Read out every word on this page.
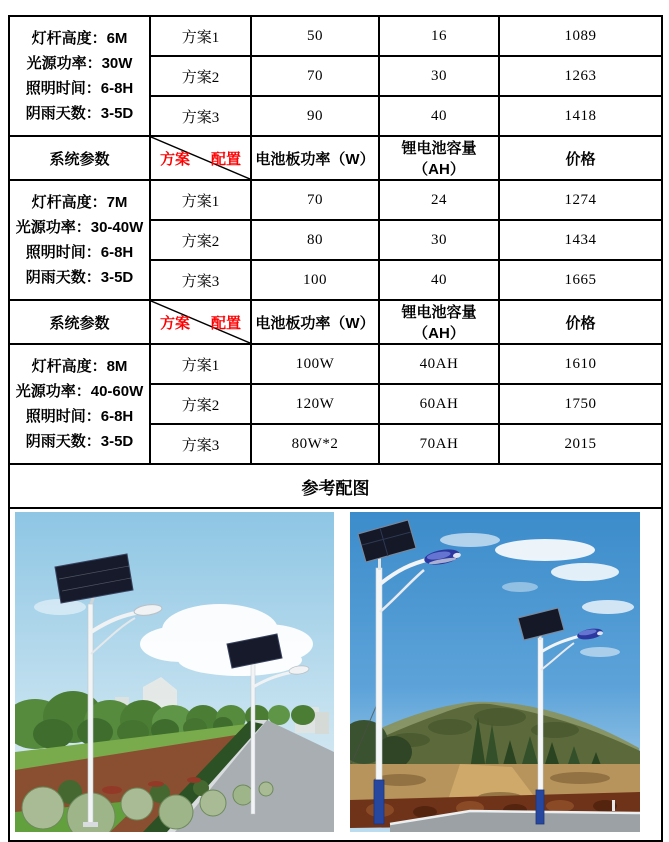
灯杆高度：6M
光源功率：30W
照明时间：6-8H
阴雨天数：3-5D	方案1	50	16	1089
	方案2	70	30	1263
	方案3	90	40	1418
系统参数	方案 配置	电池板功率（W）	锂电池容量（AH）	价格

灯杆高度：7M
光源功率：30-40W
照明时间：6-8H
阴雨天数：3-5D	方案1	70	24	1274
	方案2	80	30	1434
	方案3	100	40	1665
系统参数	方案 配置	电池板功率（W）	锂电池容量（AH）	价格

灯杆高度：8M
光源功率：40-60W
照明时间：6-8H
阴雨天数：3-5D	方案1	100W	40AH	1610
	方案2	120W	60AH	1750
	方案3	80W*2	70AH	2015
参考配图				
